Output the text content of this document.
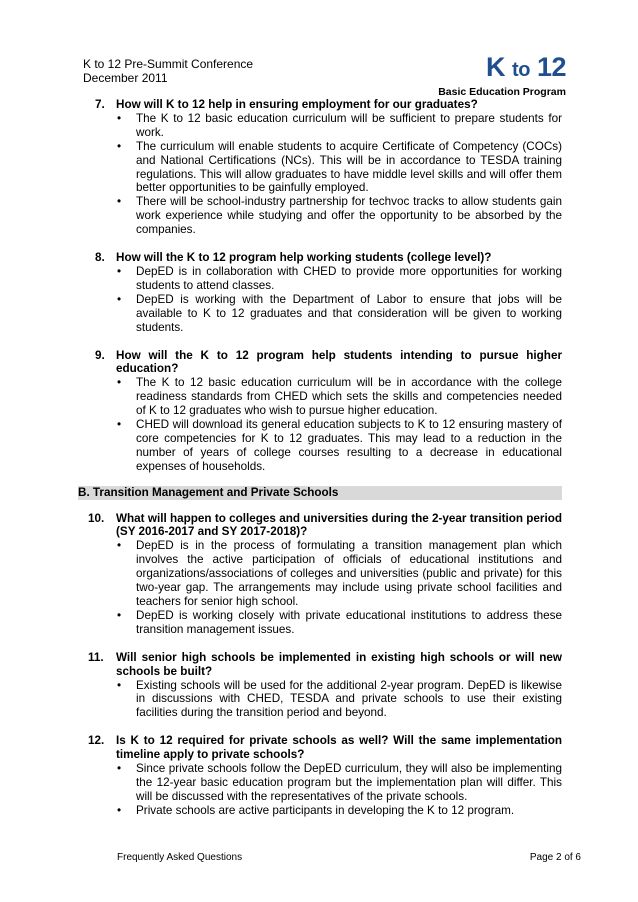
K to 12 Pre-Summit Conference
December 2011	K to 12
Basic Education Program
7. How will K to 12 help in ensuring employment for our graduates?
• The K to 12 basic education curriculum will be sufficient to prepare students for work.
• The curriculum will enable students to acquire Certificate of Competency (COCs) and National Certifications (NCs). This will be in accordance to TESDA training regulations. This will allow graduates to have middle level skills and will offer them better opportunities to be gainfully employed.
• There will be school-industry partnership for techvoc tracks to allow students gain work experience while studying and offer the opportunity to be absorbed by the companies.
8. How will the K to 12 program help working students (college level)?
• DepED is in collaboration with CHED to provide more opportunities for working students to attend classes.
• DepED is working with the Department of Labor to ensure that jobs will be available to K to 12 graduates and that consideration will be given to working students.
9. How will the K to 12 program help students intending to pursue higher education?
• The K to 12 basic education curriculum will be in accordance with the college readiness standards from CHED which sets the skills and competencies needed of K to 12 graduates who wish to pursue higher education.
• CHED will download its general education subjects to K to 12 ensuring mastery of core competencies for K to 12 graduates. This may lead to a reduction in the number of years of college courses resulting to a decrease in educational expenses of households.
B. Transition Management and Private Schools
10. What will happen to colleges and universities during the 2-year transition period (SY 2016-2017 and SY 2017-2018)?
• DepED is in the process of formulating a transition management plan which involves the active participation of officials of educational institutions and organizations/associations of colleges and universities (public and private) for this two-year gap. The arrangements may include using private school facilities and teachers for senior high school.
• DepED is working closely with private educational institutions to address these transition management issues.
11. Will senior high schools be implemented in existing high schools or will new schools be built?
• Existing schools will be used for the additional 2-year program. DepED is likewise in discussions with CHED, TESDA and private schools to use their existing facilities during the transition period and beyond.
12. Is K to 12 required for private schools as well? Will the same implementation timeline apply to private schools?
• Since private schools follow the DepED curriculum, they will also be implementing the 12-year basic education program but the implementation plan will differ. This will be discussed with the representatives of the private schools.
• Private schools are active participants in developing the K to 12 program.
Frequently Asked Questions	Page 2 of 6
